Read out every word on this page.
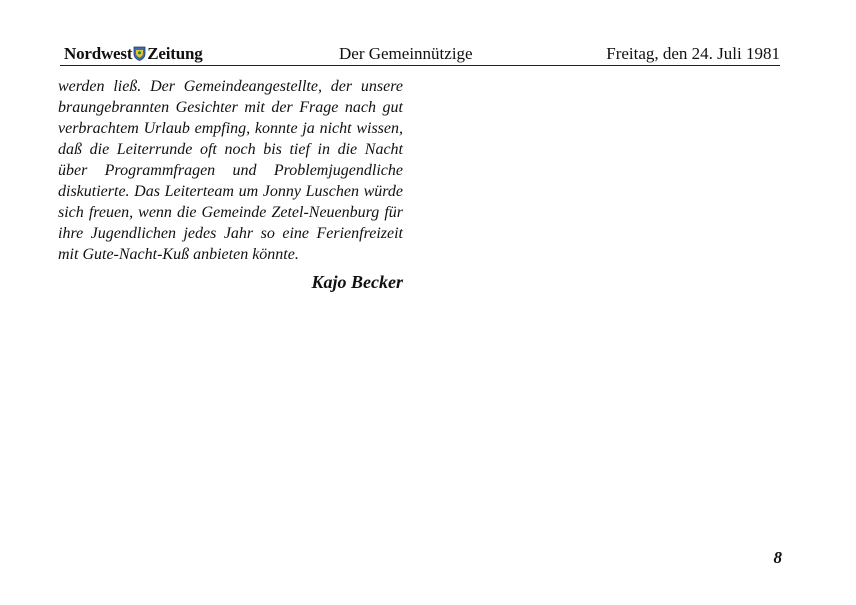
Nordwest Zeitung	Der Gemeinnützige	Freitag, den 24. Juli 1981

werden ließ. Der Gemeindeangestellte, der unsere braungebrannten Gesichter mit der Frage nach gut verbrachtem Urlaub empfing, konnte ja nicht wissen, daß die Leiterrunde oft noch bis tief in die Nacht über Programmfragen und Problemjugendliche diskutierte. Das Leiterteam um Jonny Luschen würde sich freuen, wenn die Gemeinde Zetel-Neuenburg für ihre Jugendlichen jedes Jahr so eine Ferienfreizeit mit Gute-Nacht-Kuß anbieten könnte.

Kajo Becker
8
